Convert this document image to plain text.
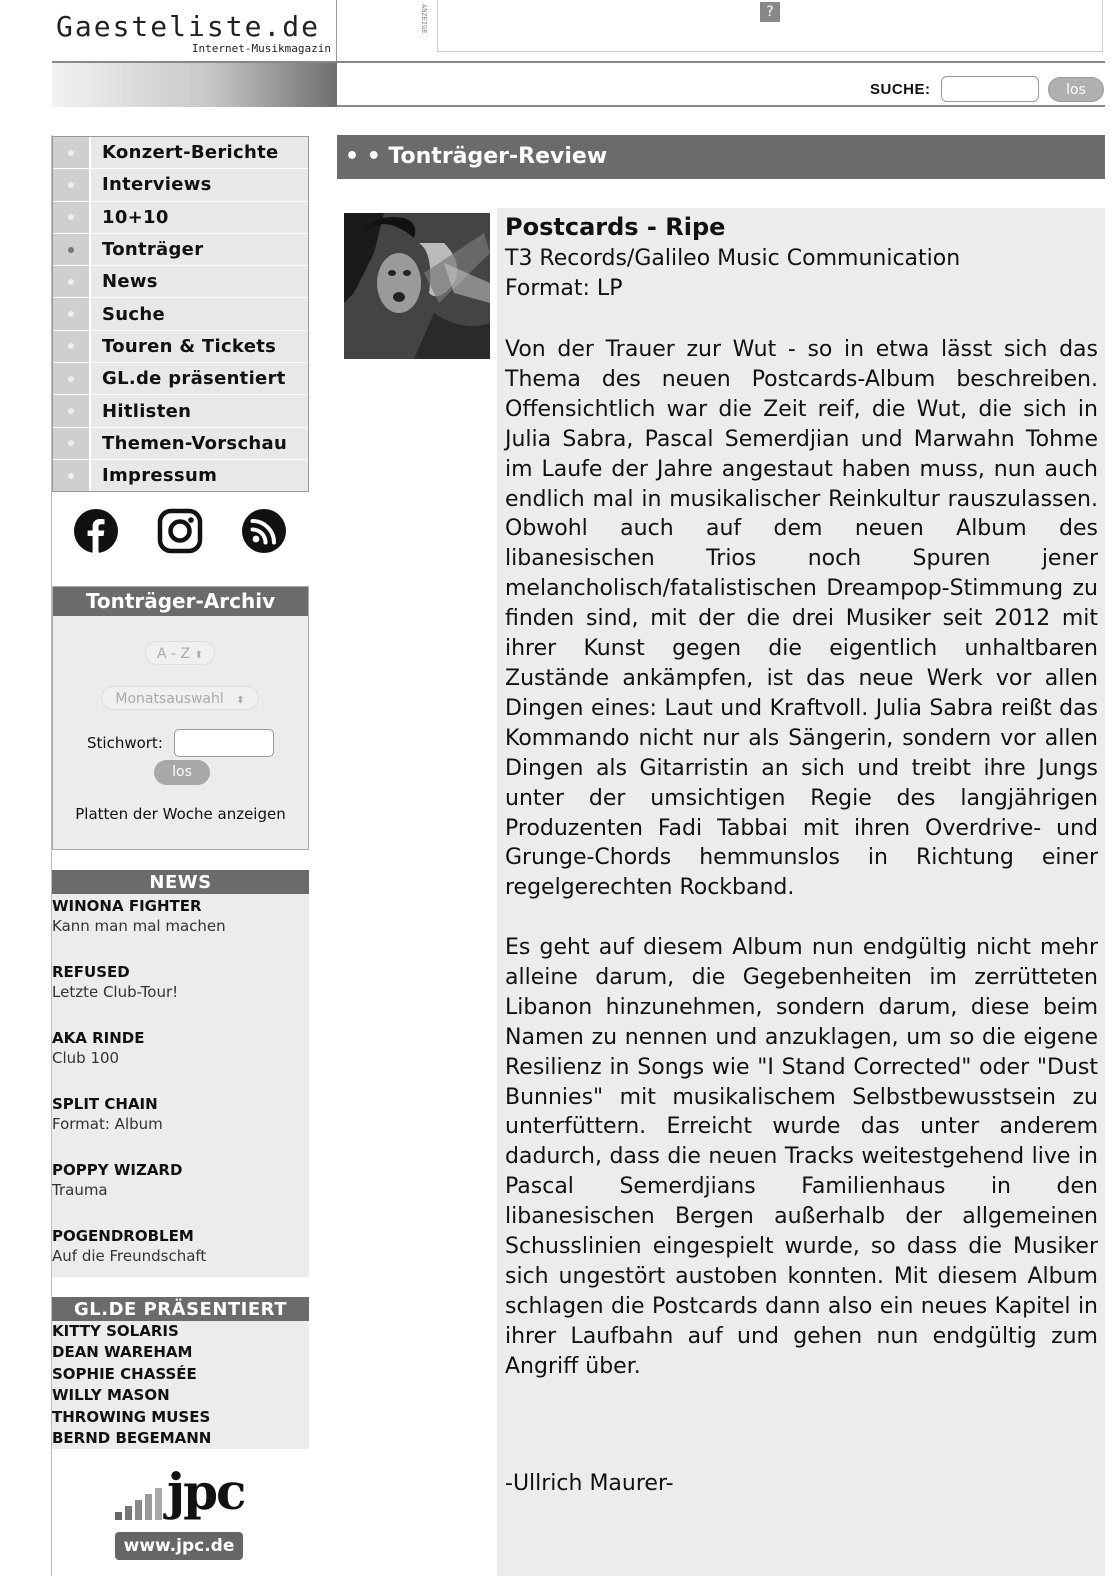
Gaesteliste.de
Internet-Musikmagazin
ANZEIGE	?
SUCHE:	los
Konzert-Berichte
Interviews
10+10
Tonträger
News
Suche
Touren & Tickets
GL.de präsentiert
Hitlisten
Themen-Vorschau
Impressum
Tonträger-Archiv
A - Z ⬍
Monatsauswahl ⬍
Stichwort:
los
Platten der Woche anzeigen
NEWS
WINONA FIGHTER
Kann man mal machen
REFUSED
Letzte Club-Tour!
AKA RINDE
Club 100
SPLIT CHAIN
Format: Album
POPPY WIZARD
Trauma
POGENDROBLEM
Auf die Freundschaft
GL.DE PRÄSENTIERT
KITTY SOLARIS
DEAN WAREHAM
SOPHIE CHASSÉE
WILLY MASON
THROWING MUSES
BERND BEGEMANN
jpc
www.jpc.de
• • Tonträger-Review
Postcards - Ripe
T3 Records/Galileo Music Communication
Format: LP
Von der Trauer zur Wut - so in etwa lässt sich das Thema des neuen Postcards-Album beschreiben. Offensichtlich war die Zeit reif, die Wut, die sich in Julia Sabra, Pascal Semerdjian und Marwahn Tohme im Laufe der Jahre angestaut haben muss, nun auch endlich mal in musikalischer Reinkultur rauszulassen. Obwohl auch auf dem neuen Album des libanesischen Trios noch Spuren jener melancholisch/fatalistischen Dreampop-Stimmung zu finden sind, mit der die drei Musiker seit 2012 mit ihrer Kunst gegen die eigentlich unhaltbaren Zustände ankämpfen, ist das neue Werk vor allen Dingen eines: Laut und Kraftvoll. Julia Sabra reißt das Kommando nicht nur als Sängerin, sondern vor allen Dingen als Gitarristin an sich und treibt ihre Jungs unter der umsichtigen Regie des langjährigen Produzenten Fadi Tabbai mit ihren Overdrive- und Grunge-Chords hemmunslos in Richtung einer regelgerechten Rockband.
Es geht auf diesem Album nun endgültig nicht mehr alleine darum, die Gegebenheiten im zerrütteten Libanon hinzunehmen, sondern darum, diese beim Namen zu nennen und anzuklagen, um so die eigene Resilienz in Songs wie "I Stand Corrected" oder "Dust Bunnies" mit musikalischem Selbstbewusstsein zu unterfüttern. Erreicht wurde das unter anderem dadurch, dass die neuen Tracks weitestgehend live in Pascal Semerdjians Familienhaus in den libanesischen Bergen außerhalb der allgemeinen Schusslinien eingespielt wurde, so dass die Musiker sich ungestört austoben konnten. Mit diesem Album schlagen die Postcards dann also ein neues Kapitel in ihrer Laufbahn auf und gehen nun endgültig zum Angriff über.
-Ullrich Maurer-
